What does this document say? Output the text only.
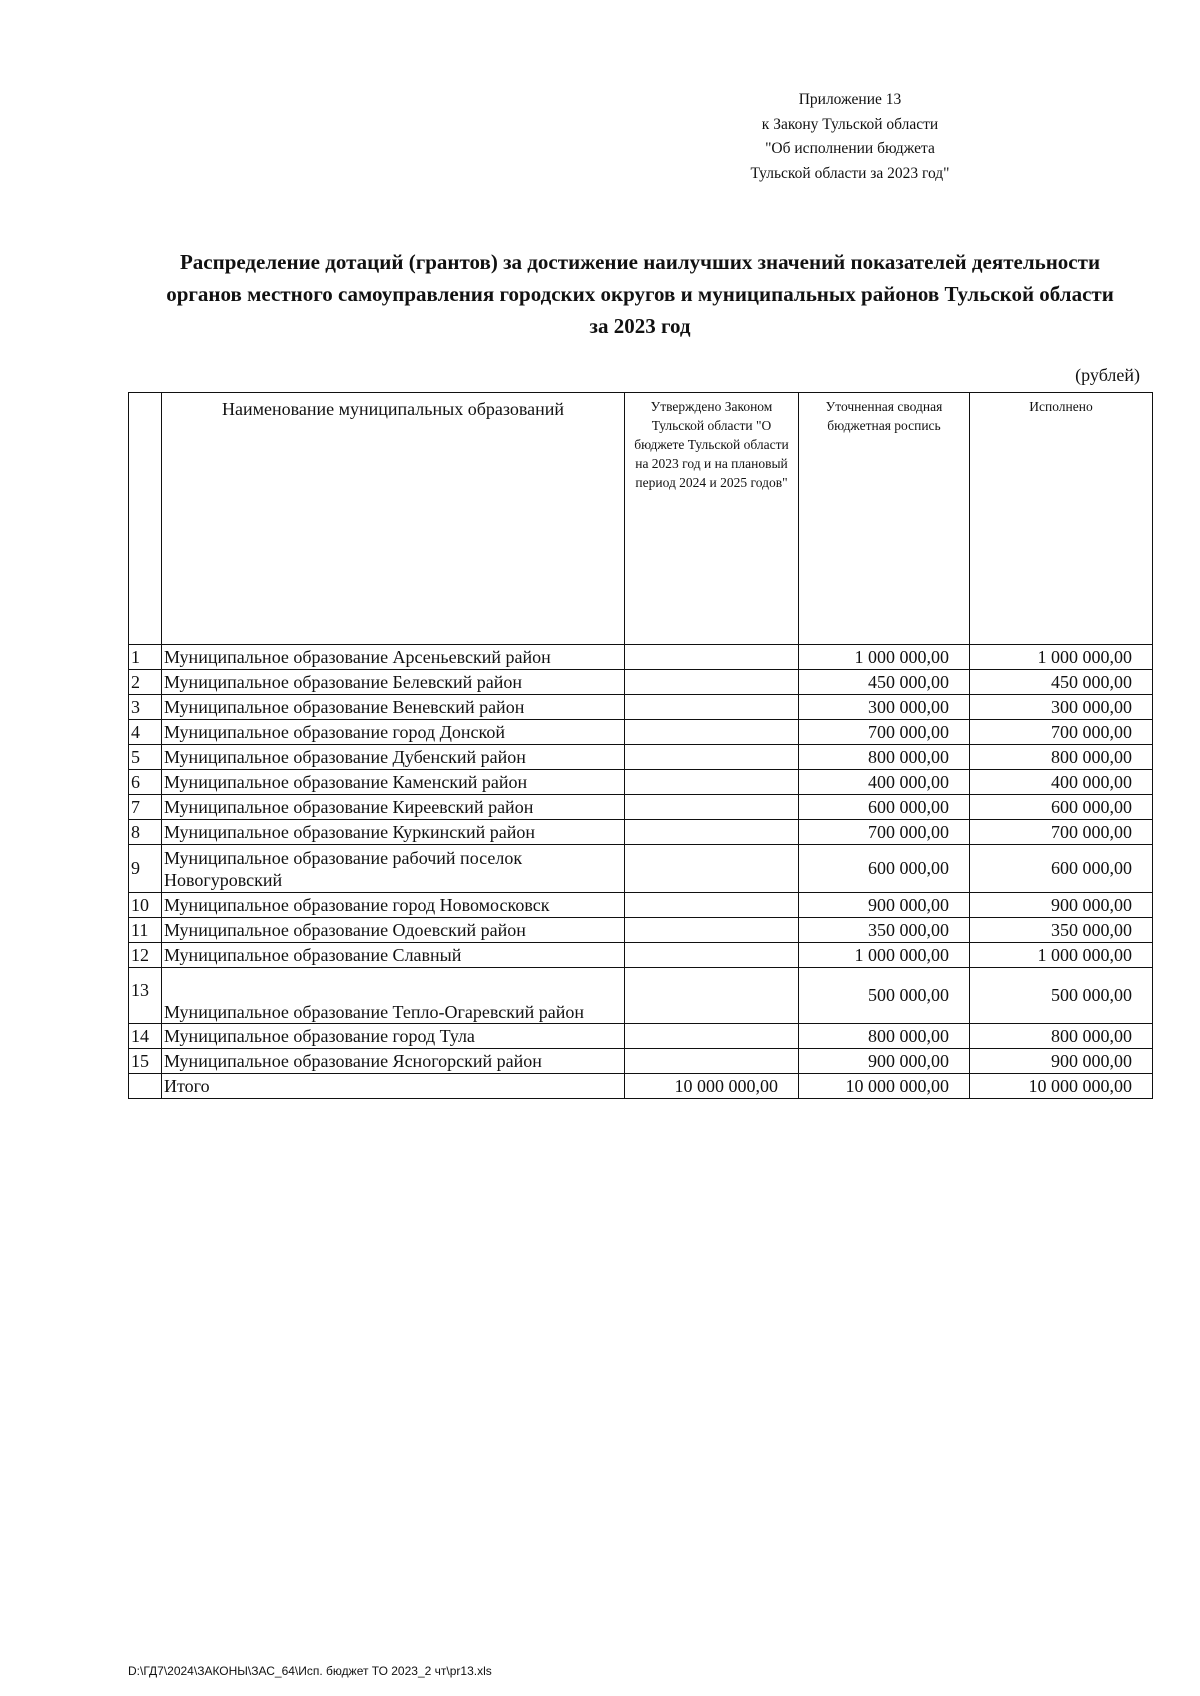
Приложение 13
к Закону Тульской области
"Об исполнении бюджета
Тульской области за 2023 год"
Распределение дотаций (грантов) за достижение наилучших значений показателей деятельности
органов местного самоуправления городских округов и муниципальных районов Тульской области
за 2023 год
(рублей)
	Наименование муниципальных образований	Утверждено Законом Тульской области "О бюджете Тульской области на 2023 год и на плановый период 2024 и 2025 годов"	Уточненная сводная бюджетная роспись	Исполнено
1	Муниципальное образование Арсеньевский район		1 000 000,00	1 000 000,00
2	Муниципальное образование Белевский район		450 000,00	450 000,00
3	Муниципальное образование Веневский район		300 000,00	300 000,00
4	Муниципальное образование город Донской		700 000,00	700 000,00
5	Муниципальное образование Дубенский район		800 000,00	800 000,00
6	Муниципальное образование Каменский район		400 000,00	400 000,00
7	Муниципальное образование Киреевский район		600 000,00	600 000,00
8	Муниципальное образование Куркинский район		700 000,00	700 000,00
9	Муниципальное образование рабочий поселок Новогуровский		600 000,00	600 000,00
10	Муниципальное образование город Новомосковск		900 000,00	900 000,00
11	Муниципальное образование Одоевский район		350 000,00	350 000,00
12	Муниципальное образование Славный		1 000 000,00	1 000 000,00
13	Муниципальное образование Тепло-Огаревский район		500 000,00	500 000,00
14	Муниципальное образование город Тула		800 000,00	800 000,00
15	Муниципальное образование Ясногорский район		900 000,00	900 000,00
	Итого	10 000 000,00	10 000 000,00	10 000 000,00
D:\ГД7\2024\ЗАКОНЫ\ЗАС_64\Исп. бюджет ТО 2023_2 чт\pr13.xls
